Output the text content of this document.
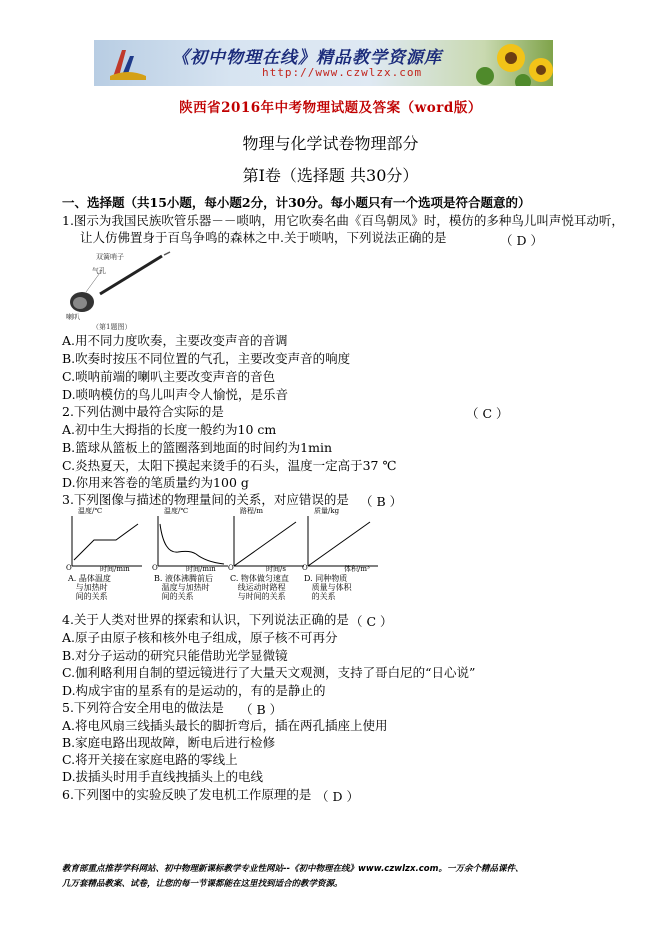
《初中物理在线》精品教学资源库
http://www.czwlzx.com
陕西省2016年中考物理试题及答案（word版）
物理与化学试卷物理部分
第Ⅰ卷（选择题 共30分）
一、选择题（共15小题，每小题2分，计30分。每小题只有一个选项是符合题意的）
1.图示为我国民族吹管乐器－－唢呐，用它吹奏名曲《百鸟朝凤》时，模仿的多种鸟儿叫声悦耳动听，
让人仿佛置身于百鸟争鸣的森林之中.关于唢呐，下列说法正确的是	（ D ）
双簧哨子
气孔
喇叭
（第1题图）
A.用不同力度吹奏，主要改变声音的音调
B.吹奏时按压不同位置的气孔，主要改变声音的响度
C.唢呐前端的喇叭主要改变声音的音色
D.唢呐模仿的鸟儿叫声令人愉悦，是乐音
2.下列估测中最符合实际的是	（ C ）
A.初中生大拇指的长度一般约为10 cm
B.篮球从篮板上的篮圈落到地面的时间约为1min
C.炎热夏天，太阳下摸起来烫手的石头，温度一定高于37 ℃
D.你用来答卷的笔质量约为100 g
3.下列图像与描述的物理量间的关系，对应错误的是 （ B ）
温度/℃
O	时间/min
A. 晶体温度
与加热时
间的关系
温度/℃
O	时间/min
B. 液体沸腾前后
温度与加热时
间的关系
路程/m
O	时间/s
C. 物体做匀速直
线运动时路程
与时间的关系
质量/kg
O	体积/m³
D. 同种物质
质量与体积
的关系
4.关于人类对世界的探索和认识，下列说法正确的是 （ C ）
A.原子由原子核和核外电子组成，原子核不可再分
B.对分子运动的研究只能借助光学显微镜
C.伽利略利用自制的望远镜进行了大量天文观测，支持了哥白尼的“日心说”
D.构成宇宙的星系有的是运动的，有的是静止的
5.下列符合安全用电的做法是 （ B ）
A.将电风扇三线插头最长的脚折弯后，插在两孔插座上使用
B.家庭电路出现故障，断电后进行检修
C.将开关接在家庭电路的零线上
D.拔插头时用手直线拽插头上的电线
6.下列图中的实验反映了发电机工作原理的是 （ D ）
教育部重点推荐学科网站、初中物理新课标教学专业性网站--《初中物理在线》www.czwlzx.com。一万余个精品课件、
几万套精品教案、试卷，让您的每一节课都能在这里找到适合的教学资源。
